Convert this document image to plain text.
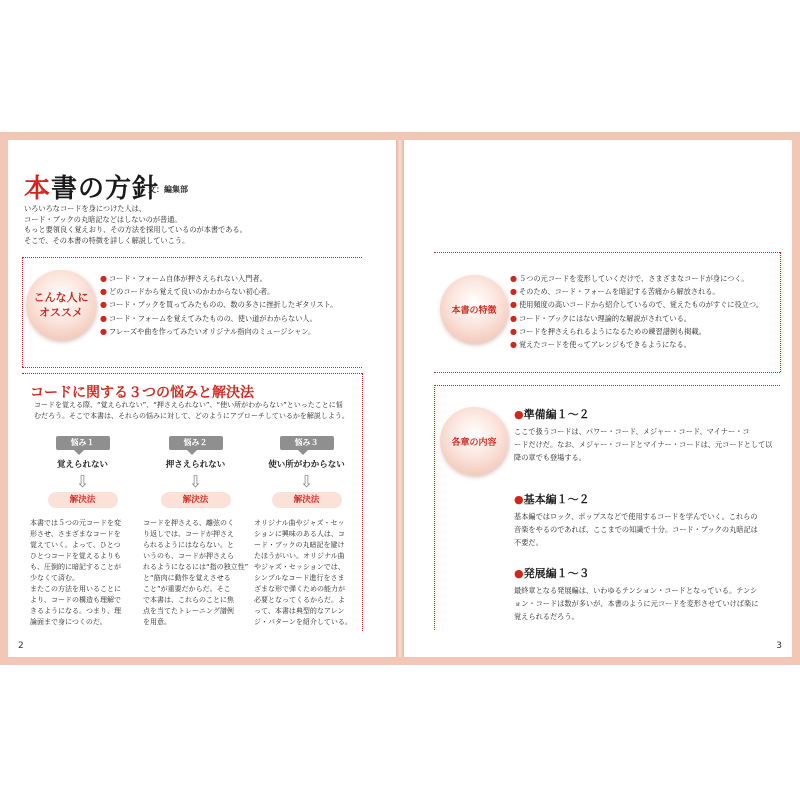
本書の方針
文：編集部
いろいろなコードを身につけた人は、
コード・ブックの丸暗記などはしないのが普通。
もっと要領良く覚えおり、その方法を採用しているのが本書である。
そこで、その本書の特徴を詳しく解説していこう。
こんな人に
オススメ
● コード・フォーム自体が押さえられない入門者。
● どのコードから覚えて良いのかわからない初心者。
● コード・ブックを買ってみたものの、数の多さに挫折したギタリスト。
● コード・フォームを覚えてみたものの、使い道がわからない人。
● フレーズや曲を作ってみたいオリジナル指向のミュージシャン。
コードに関する３つの悩みと解決法
コードを覚える際、“覚えられない”、“押さえられない”、“使い所がわからない”といったことに悩
むだろう。そこで本書は、それらの悩みに対して、どのようにアプローチしているかを解説しよう。
悩み１
覚えられない
⇩
解決法
本書では５つの元コードを変
形させ、さまざまなコードを
覚えていく。よって、ひとつ
ひとつコードを覚えるよりも
も、圧倒的に暗記することが
少なくて済む。
またこの方法を用いることに
より、コードの構造も理解で
きるようになる。つまり、理
論面まで身につくのだ。
悩み２
押さえられない
⇩
解決法
コードを押さえる、離弦のく
り返しでは、コードが押さえ
られるようにはならない。と
いうのも、コードが押さえら
れるようになるには“指の独立性”
と“筋肉に動作を覚えさせる
こと”が重要だからだ。そこ
で本書は、これらのことに焦
点を当てたトレーニング譜例
を用意。
悩み３
使い所がわからない
⇩
解決法
オリジナル曲やジャズ・セッ
ションに興味のある人は、コ
ード・ブックの丸暗記を避け
たほうがいい。オリジナル曲
やジャズ・セッションでは、
シンプルなコード進行をさま
ざまな形で弾くための能力が
必要となってくるからだ。よ
って、本書は典型的なアレン
ジ・パターンを紹介している。
2
本書の特徴
● ５つの元コードを変形していくだけで、さまざまなコードが身につく。
● そのため、コード・フォームを暗記する苦痛から解放される。
● 使用頻度の高いコードから紹介しているので、覚えたものがすぐに役立つ。
● コード・ブックにはない理論的な解説がされている。
● コードを押さえられるようになるための練習譜例も掲載。
● 覚えたコードを使ってアレンジもできるようになる。
各章の内容
●準備編１～２
ここで扱うコードは、パワー・コード、メジャー・コード、マイナー・コ
ードだけだ。なお、メジャー・コードとマイナー・コードは、元コードとして以
降の章でも登場する。
●基本編１～２
基本編ではロック、ポップスなどで使用するコードを学んでいく。これらの
音楽をやるのであれば、ここまでの知識で十分。コード・ブックの丸暗記は
不要だ。
●発展編１～３
最終章となる発展編は、いわゆるテンション・コードとなっている。テンシ
ョン・コードは数が多いが、本書のように元コードを変形させていけば楽に
覚えられるだろう。
3
